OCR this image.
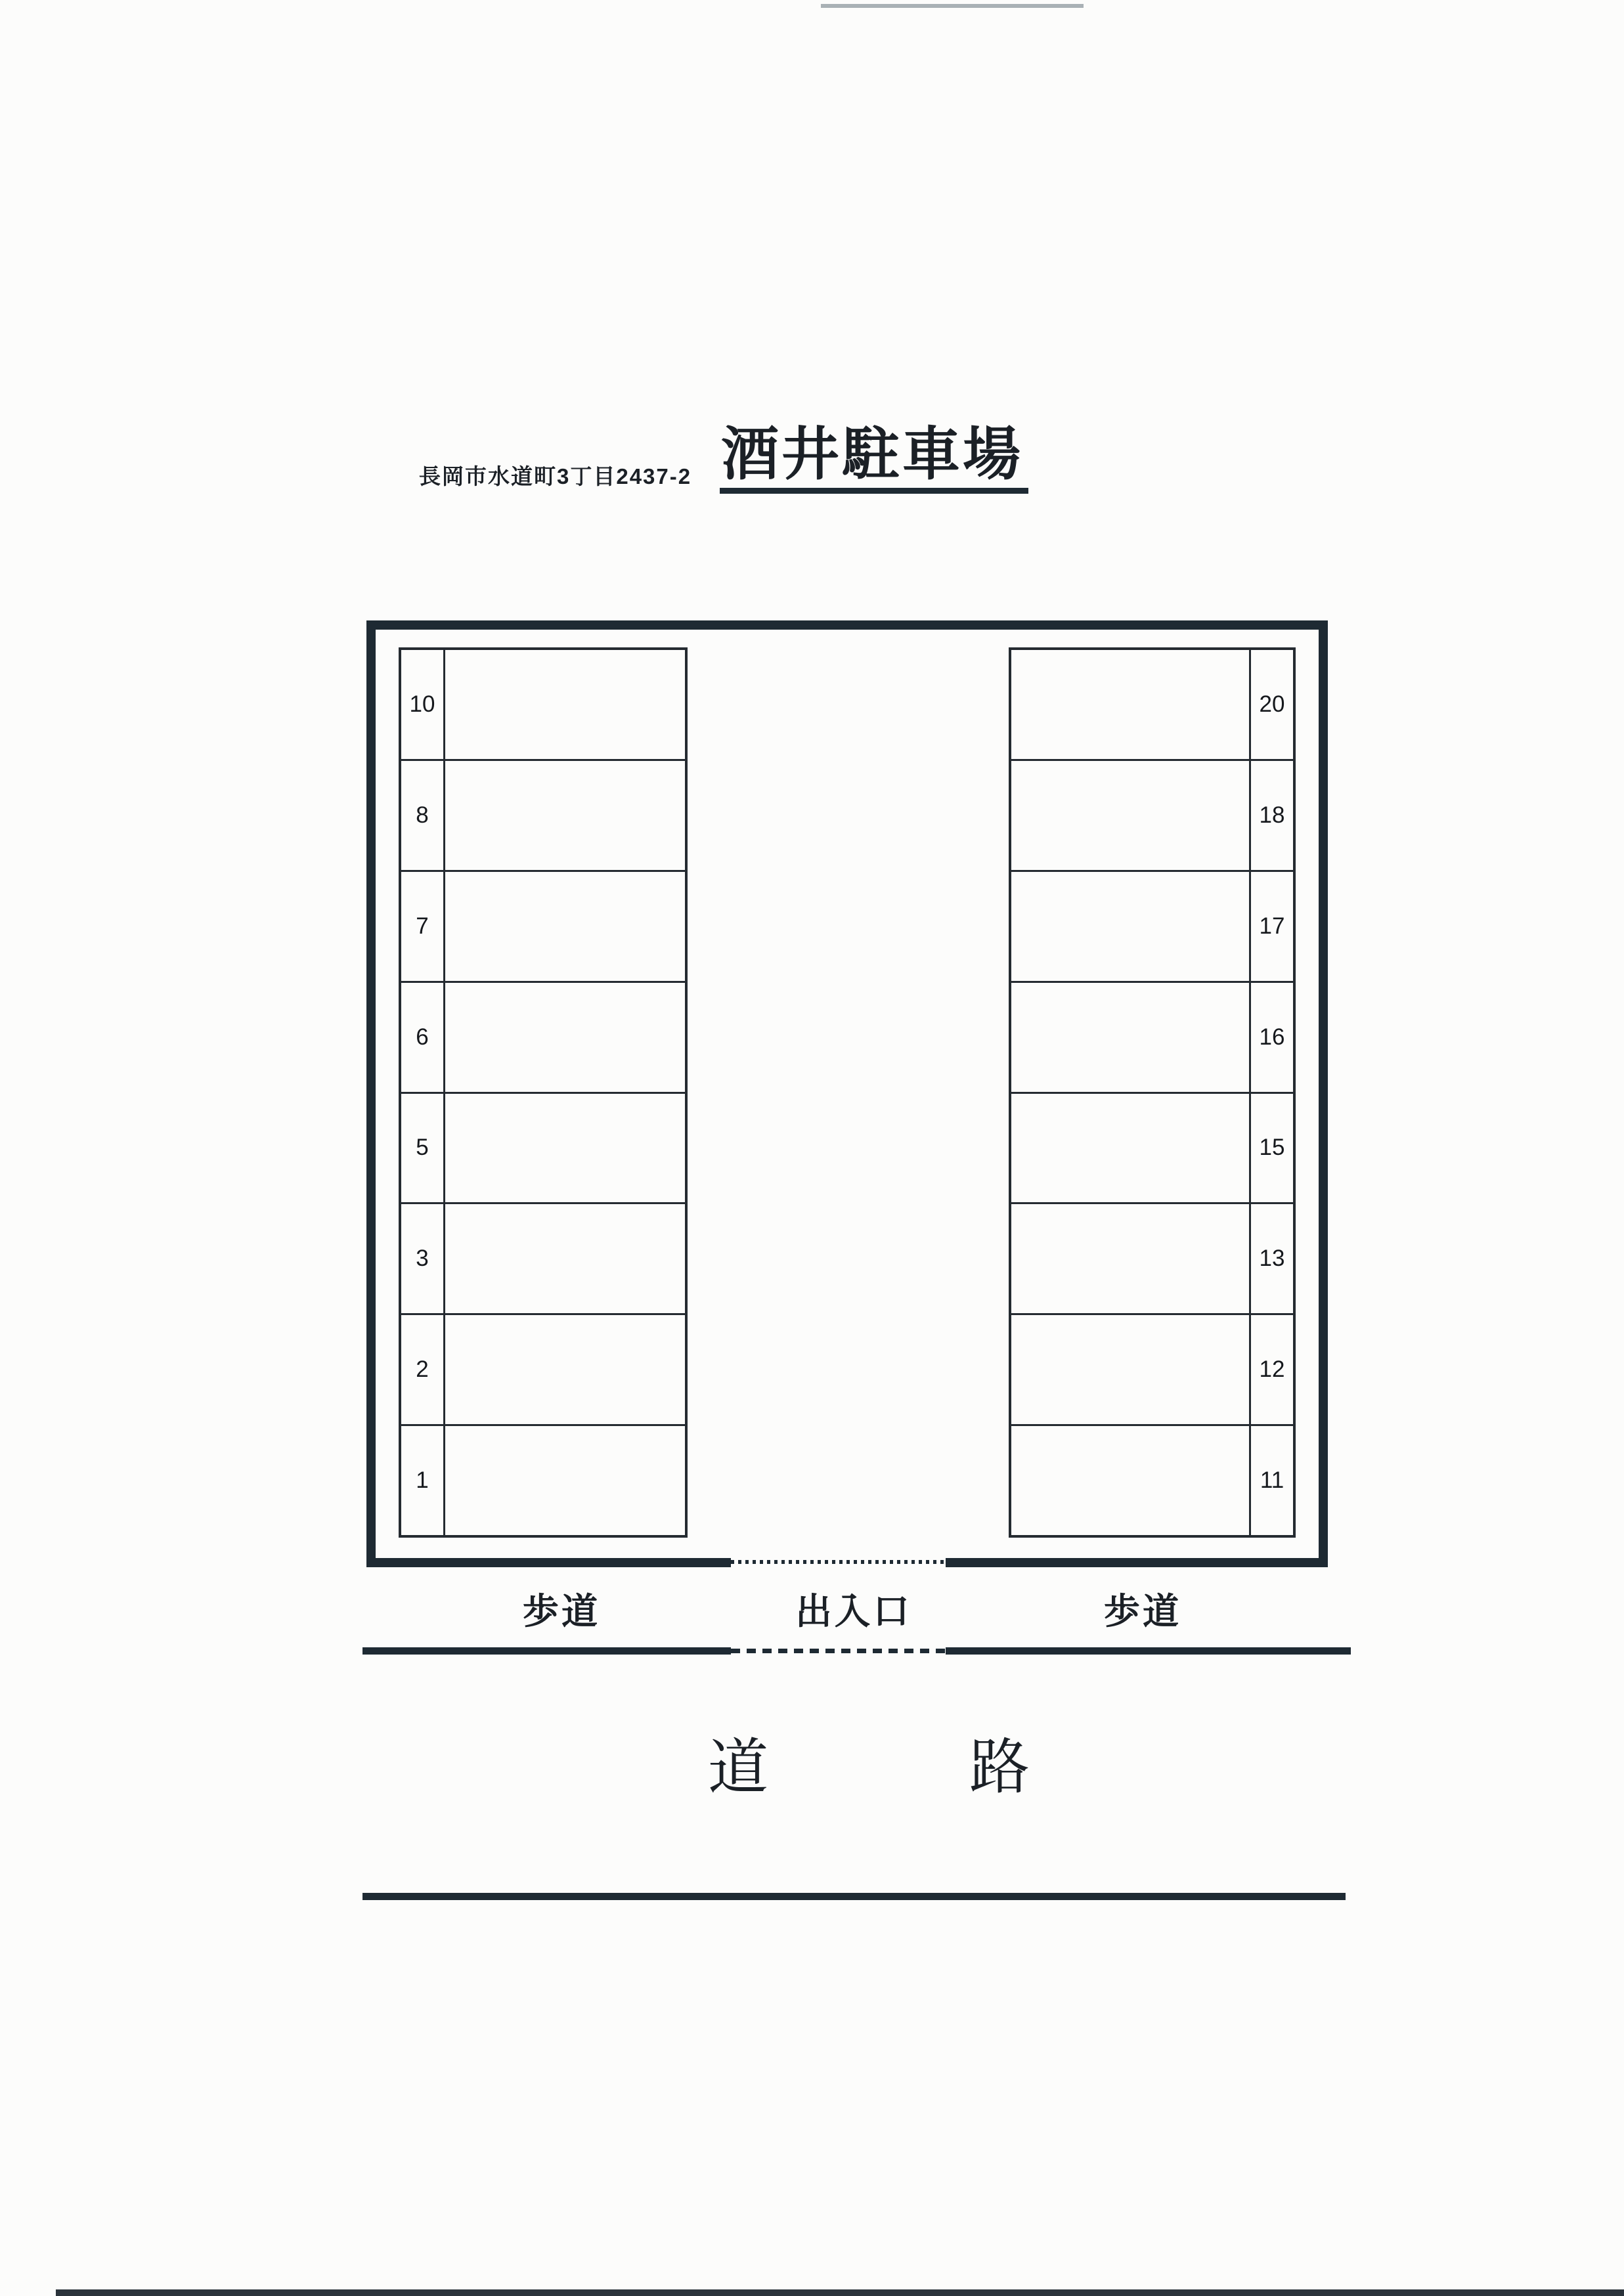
長岡市水道町3丁目2437-2 酒井駐車場
10
8
7
6
5
3
2
1
20
18
17
16
15
13
12
11
歩道	出入口	歩道
道	路
